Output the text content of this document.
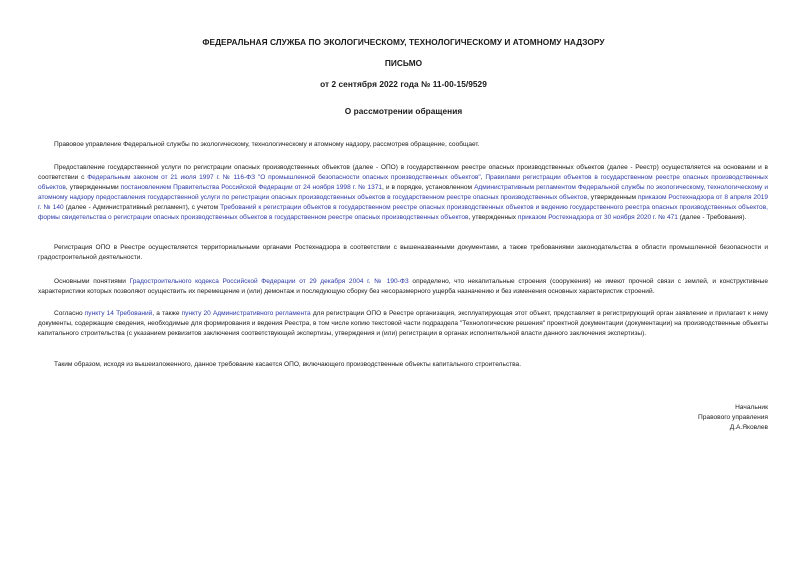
ФЕДЕРАЛЬНАЯ СЛУЖБА ПО ЭКОЛОГИЧЕСКОМУ, ТЕХНОЛОГИЧЕСКОМУ И АТОМНОМУ НАДЗОРУ
ПИСЬМО
от 2 сентября 2022 года № 11-00-15/9529
О рассмотрении обращения

Правовое управление Федеральной службы по экологическому, технологическому и атомному надзору, рассмотрев обращение, сообщает.

Предоставление государственной услуги по регистрации опасных производственных объектов (далее - ОПО) в государственном реестре опасных производственных объектов (далее - Реестр) осуществляется на основании и в соответствии с Федеральным законом от 21 июля 1997 г. № 116-ФЗ "О промышленной безопасности опасных производственных объектов", Правилами регистрации объектов в государственном реестре опасных производственных объектов, утвержденными постановлением Правительства Российской Федерации от 24 ноября 1998 г. № 1371, и в порядке, установленном Административным регламентом Федеральной службы по экологическому, технологическому и атомному надзору предоставления государственной услуги по регистрации опасных производственных объектов в государственном реестре опасных производственных объектов, утвержденным приказом Ростехнадзора от 8 апреля 2019 г. № 140 (далее - Административный регламент), с учетом Требований к регистрации объектов в государственном реестре опасных производственных объектов и ведению государственного реестра опасных производственных объектов, формы свидетельства о регистрации опасных производственных объектов в государственном реестре опасных производственных объектов, утвержденных приказом Ростехнадзора от 30 ноября 2020 г. № 471 (далее - Требования).

Регистрация ОПО в Реестре осуществляется территориальными органами Ростехнадзора в соответствии с вышеназванными документами, а также требованиями законодательства в области промышленной безопасности и градостроительной деятельности.

Основными понятиями Градостроительного кодекса Российской Федерации от 29 декабря 2004 г. № 190-ФЗ определено, что некапитальные строения (сооружения) не имеют прочной связи с землей, и конструктивные характеристики которых позволяют осуществить их перемещение и (или) демонтаж и последующую сборку без несоразмерного ущерба назначению и без изменения основных характеристик строений.

Согласно пункту 14 Требований, а также пункту 20 Административного регламента для регистрации ОПО в Реестре организация, эксплуатирующая этот объект, представляет в регистрирующий орган заявление и прилагает к нему документы, содержащие сведения, необходимые для формирования и ведения Реестра, в том числе копию текстовой части подраздела "Технологические решения" проектной документации (документации) на производственные объекты капитального строительства (с указанием реквизитов заключения соответствующей экспертизы, утверждения и (или) регистрации в органах исполнительной власти данного заключения экспертизы).

Таким образом, исходя из вышеизложенного, данное требование касается ОПО, включающего производственные объекты капитального строительства.

Начальник
Правового управления
Д.А.Яковлев
